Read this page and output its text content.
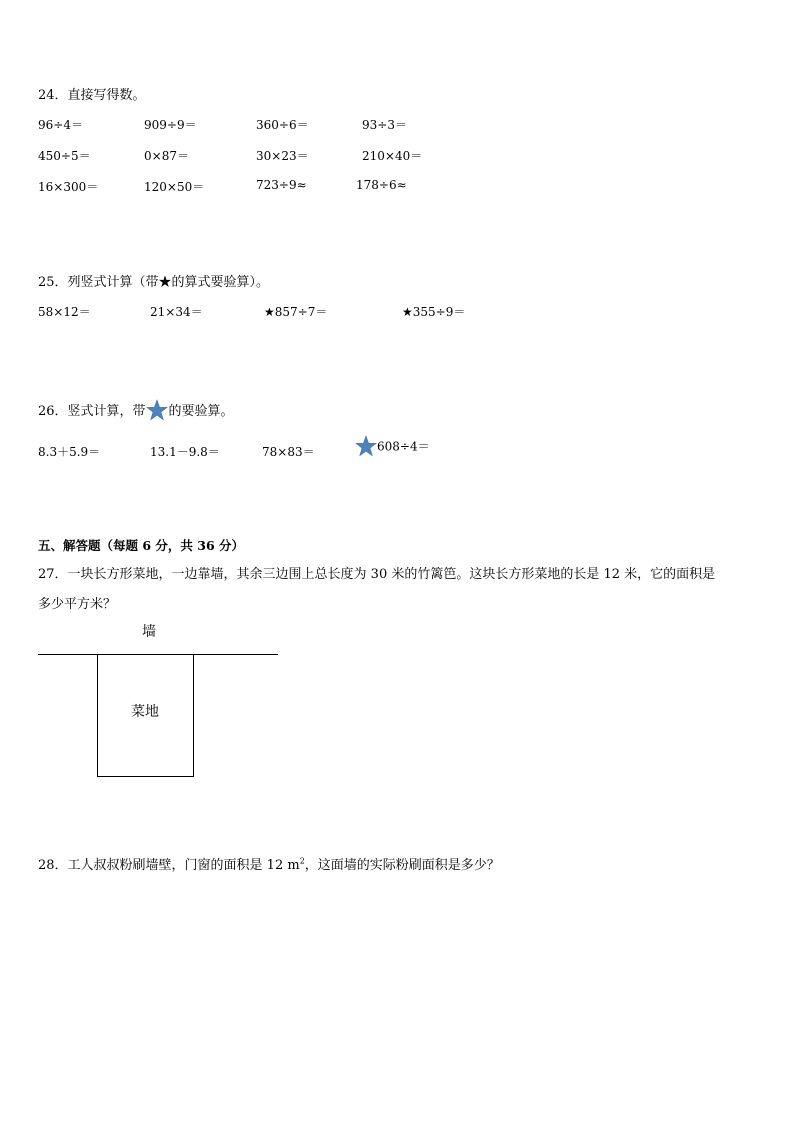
24．直接写得数。
96÷4＝	909÷9＝	360÷6＝	93÷3＝
450÷5＝	0×87＝	30×23＝	210×40＝
16×300＝	120×50＝	723÷9≈	178÷6≈
25．列竖式计算（带★的算式要验算）。
58×12＝	21×34＝	★857÷7＝	★355÷9＝
26．竖式计算，带 的要验算。
8.3＋5.9＝	13.1－9.8＝	78×83＝	608÷4＝
五、解答题（每题 6 分，共 36 分）
27．一块长方形菜地，一边靠墙，其余三边围上总长度为 30 米的竹篱笆。这块长方形菜地的长是 12 米，它的面积是
多少平方米？
墙
菜地
28．工人叔叔粉刷墙壁，门窗的面积是 12 $m^2$，这面墙的实际粉刷面积是多少？
